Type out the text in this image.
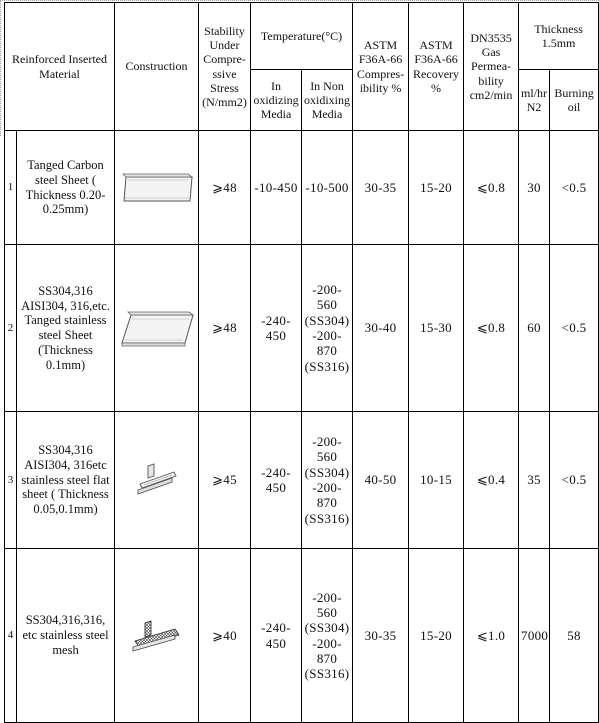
Reinforced Inserted Material		Construction	Stability Under Compre-ssive Stress (N/mm2)	Temperature(°C)		ASTM F36A-66 Compres-ibility %	ASTM F36A-66 Recovery %	DN3535 Gas Permea-bility cm2/min	Thickness 1.5mm	
				In oxidizing Media	In Non oxidixing Media				ml/hr N2	Burning oil
1	Tanged Carbon steel Sheet ( Thickness 0.20-0.25mm)		⩾48	-10-450	-10-500	30-35	15-20	⩽0.8	30	<0.5
2	SS304,316 AISI304, 316,etc. Tanged stainless steel Sheet (Thickness 0.1mm)		⩾48	-240-450	-200-560 (SS304) -200-870 (SS316)	30-40	15-30	⩽0.8	60	<0.5
3	SS304,316 AISI304, 316etc stainless steel flat sheet ( Thickness 0.05,0.1mm)		⩾45	-240-450	-200-560 (SS304) -200-870 (SS316)	40-50	10-15	⩽0.4	35	<0.5
4	SS304,316,316, etc stainless steel mesh		⩾40	-240-450	-200-560 (SS304) -200-870 (SS316)	30-35	15-20	⩽1.0	7000	58
